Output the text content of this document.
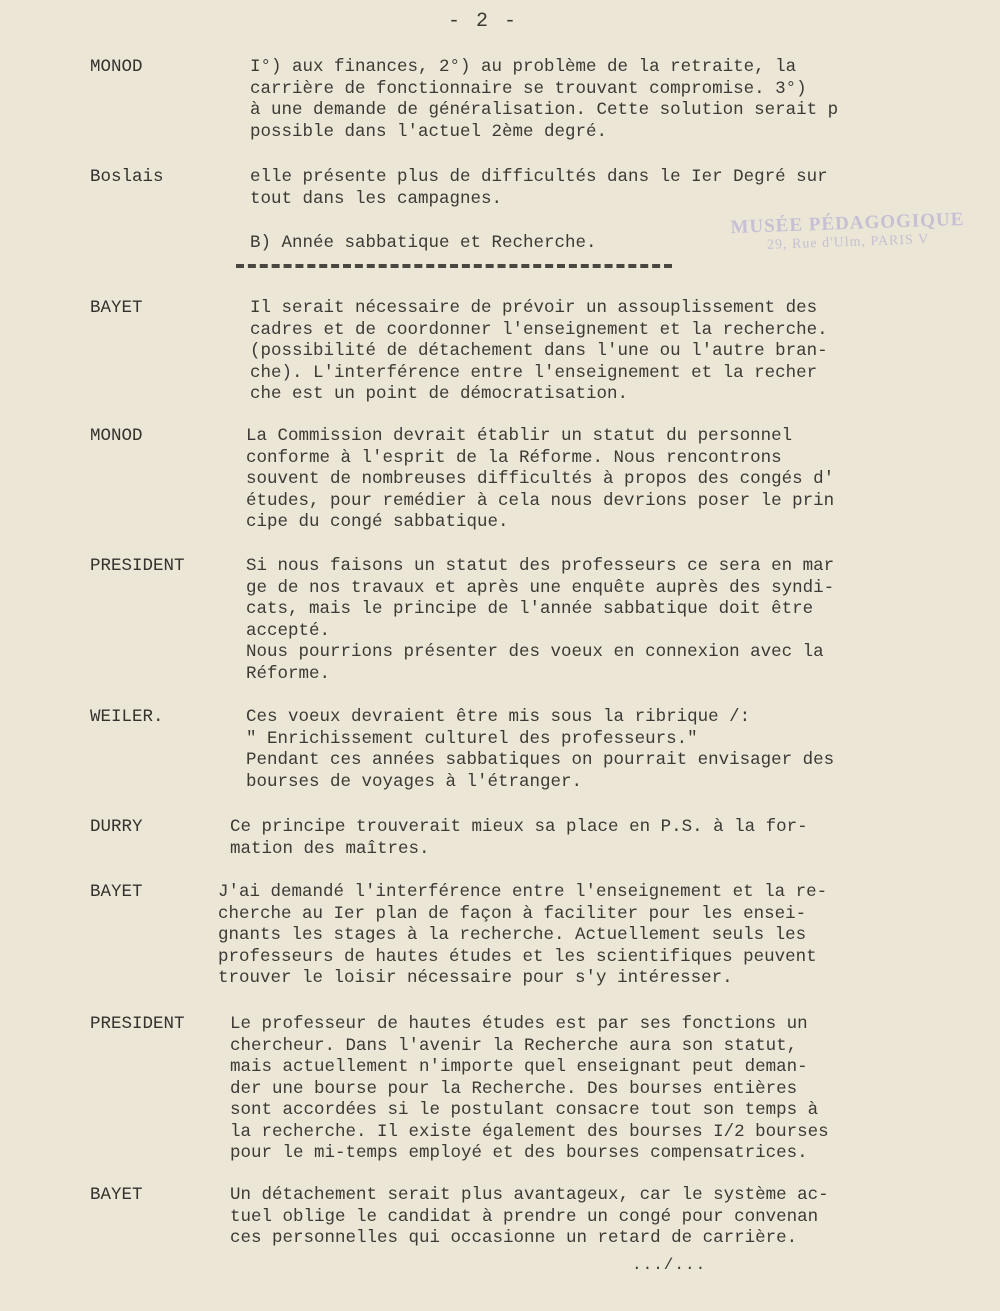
- 2 -
MUSÉE PÉDAGOGIQUE
29, Rue d'Ulm, PARIS V
MONOD	I°) aux finances, 2°) au problème de la retraite, la
carrière de fonctionnaire se trouvant compromise. 3°)
à une demande de généralisation. Cette solution serait p
possible dans l'actuel 2ème degré.
Boslais	elle présente plus de difficultés dans le Ier Degré sur
tout dans les campagnes.
B) Année sabbatique et Recherche.
BAYET	Il serait nécessaire de prévoir un assouplissement des
cadres et de coordonner l'enseignement et la recherche.
(possibilité de détachement dans l'une ou l'autre bran-
che). L'interférence entre l'enseignement et la recher
che est un point de démocratisation.
MONOD	La Commission devrait établir un statut du personnel
conforme à l'esprit de la Réforme. Nous rencontrons
souvent de nombreuses difficultés à propos des congés d'
études, pour remédier à cela nous devrions poser le prin
cipe du congé sabbatique.
PRESIDENT	Si nous faisons un statut des professeurs ce sera en mar
ge de nos travaux et après une enquête auprès des syndi-
cats, mais le principe de l'année sabbatique doit être
accepté.
Nous pourrions présenter des voeux en connexion avec la
Réforme.
WEILER.	Ces voeux devraient être mis sous la ribrique /:
" Enrichissement culturel des professeurs."
Pendant ces années sabbatiques on pourrait envisager des
bourses de voyages à l'étranger.
DURRY	Ce principe trouverait mieux sa place en P.S. à la for-
mation des maîtres.
BAYET	J'ai demandé l'interférence entre l'enseignement et la re-
cherche au Ier plan de façon à faciliter pour les ensei-
gnants les stages à la recherche. Actuellement seuls les
professeurs de hautes études et les scientifiques peuvent
trouver le loisir nécessaire pour s'y intéresser.
PRESIDENT	Le professeur de hautes études est par ses fonctions un
chercheur. Dans l'avenir la Recherche aura son statut,
mais actuellement n'importe quel enseignant peut deman-
der une bourse pour la Recherche. Des bourses entières
sont accordées si le postulant consacre tout son temps à
la recherche. Il existe également des bourses I/2 bourses
pour le mi-temps employé et des bourses compensatrices.
BAYET	Un détachement serait plus avantageux, car le système ac-
tuel oblige le candidat à prendre un congé pour convenan
ces personnelles qui occasionne un retard de carrière.
.../...
